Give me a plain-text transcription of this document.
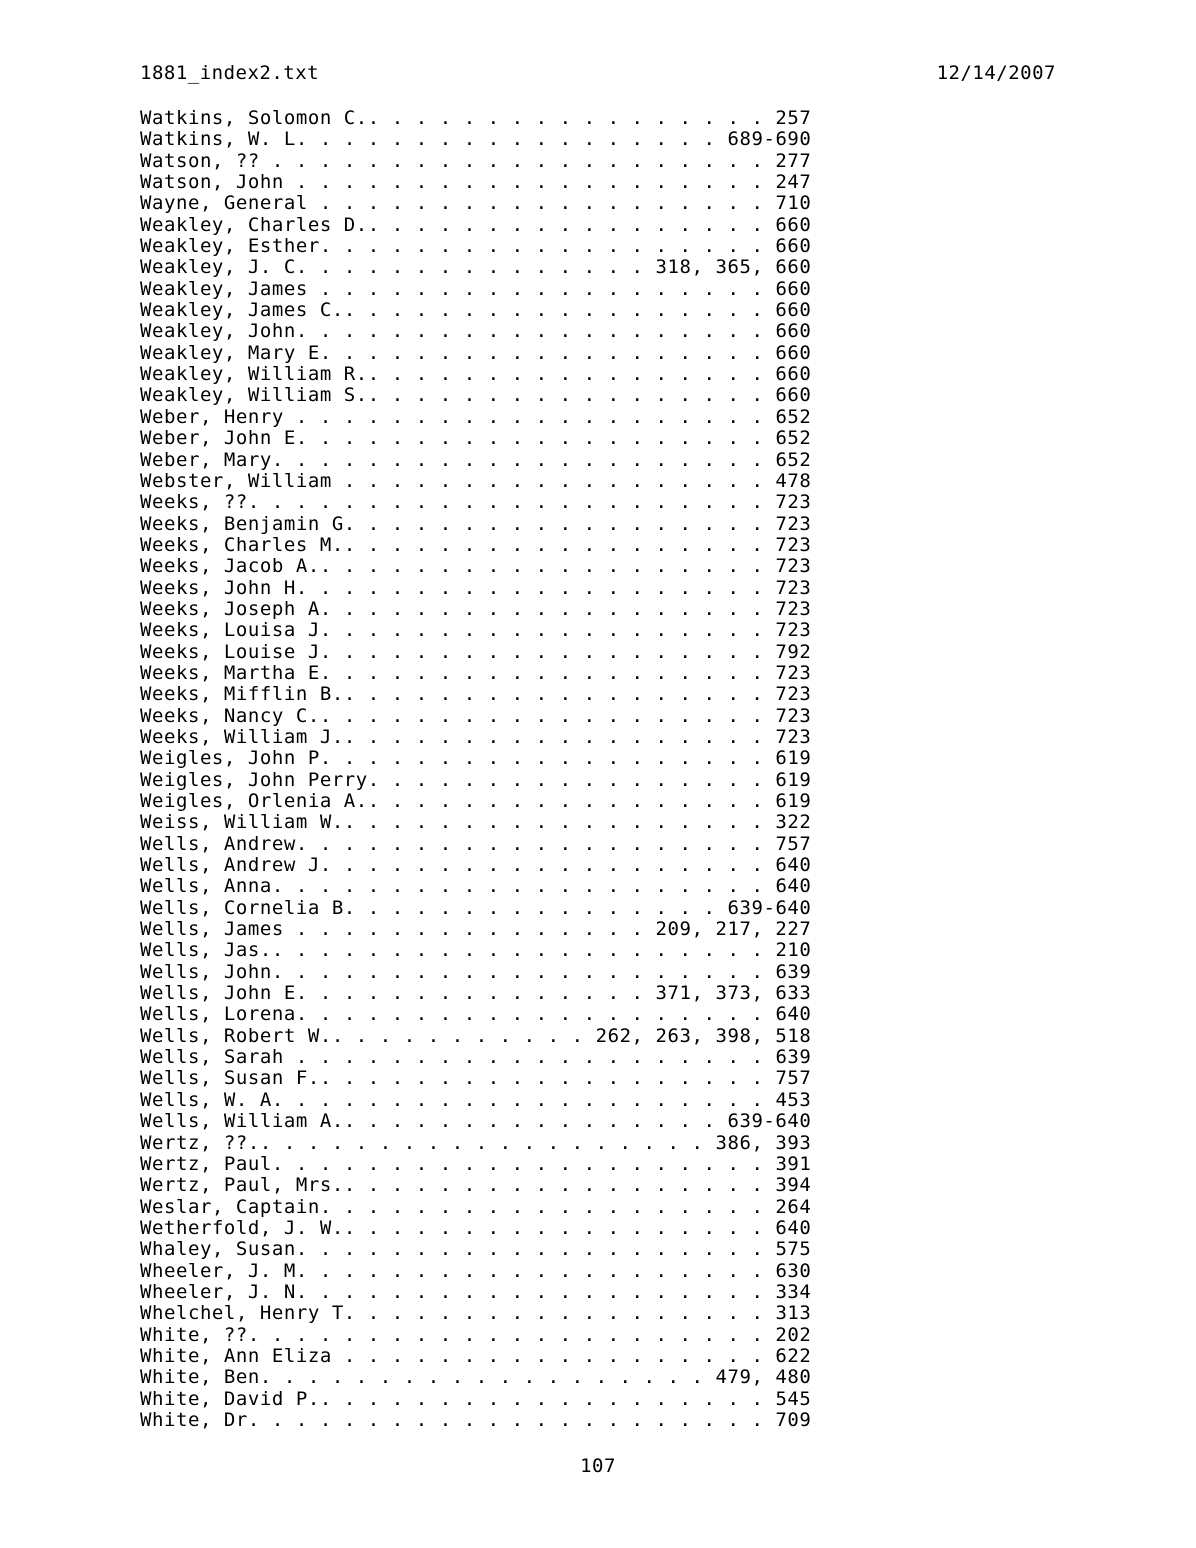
1881_index2.txt	12/14/2007
Watkins, Solomon C.. . . . . . . . . . . . . . . . . 257
Watkins, W. L. . . . . . . . . . . . . . . . . . 689-690
Watson, ?? . . . . . . . . . . . . . . . . . . . . . 277
Watson, John . . . . . . . . . . . . . . . . . . . . 247
Wayne, General . . . . . . . . . . . . . . . . . . . 710
Weakley, Charles D.. . . . . . . . . . . . . . . . . 660
Weakley, Esther. . . . . . . . . . . . . . . . . . . 660
Weakley, J. C. . . . . . . . . . . . . . . 318, 365, 660
Weakley, James . . . . . . . . . . . . . . . . . . . 660
Weakley, James C.. . . . . . . . . . . . . . . . . . 660
Weakley, John. . . . . . . . . . . . . . . . . . . . 660
Weakley, Mary E. . . . . . . . . . . . . . . . . . . 660
Weakley, William R.. . . . . . . . . . . . . . . . . 660
Weakley, William S.. . . . . . . . . . . . . . . . . 660
Weber, Henry . . . . . . . . . . . . . . . . . . . . 652
Weber, John E. . . . . . . . . . . . . . . . . . . . 652
Weber, Mary. . . . . . . . . . . . . . . . . . . . . 652
Webster, William . . . . . . . . . . . . . . . . . . 478
Weeks, ??. . . . . . . . . . . . . . . . . . . . . . 723
Weeks, Benjamin G. . . . . . . . . . . . . . . . . . 723
Weeks, Charles M.. . . . . . . . . . . . . . . . . . 723
Weeks, Jacob A.. . . . . . . . . . . . . . . . . . . 723
Weeks, John H. . . . . . . . . . . . . . . . . . . . 723
Weeks, Joseph A. . . . . . . . . . . . . . . . . . . 723
Weeks, Louisa J. . . . . . . . . . . . . . . . . . . 723
Weeks, Louise J. . . . . . . . . . . . . . . . . . . 792
Weeks, Martha E. . . . . . . . . . . . . . . . . . . 723
Weeks, Mifflin B.. . . . . . . . . . . . . . . . . . 723
Weeks, Nancy C.. . . . . . . . . . . . . . . . . . . 723
Weeks, William J.. . . . . . . . . . . . . . . . . . 723
Weigles, John P. . . . . . . . . . . . . . . . . . . 619
Weigles, John Perry. . . . . . . . . . . . . . . . . 619
Weigles, Orlenia A.. . . . . . . . . . . . . . . . . 619
Weiss, William W.. . . . . . . . . . . . . . . . . . 322
Wells, Andrew. . . . . . . . . . . . . . . . . . . . 757
Wells, Andrew J. . . . . . . . . . . . . . . . . . . 640
Wells, Anna. . . . . . . . . . . . . . . . . . . . . 640
Wells, Cornelia B. . . . . . . . . . . . . . . . 639-640
Wells, James . . . . . . . . . . . . . . . 209, 217, 227
Wells, Jas.. . . . . . . . . . . . . . . . . . . . . 210
Wells, John. . . . . . . . . . . . . . . . . . . . . 639
Wells, John E. . . . . . . . . . . . . . . 371, 373, 633
Wells, Lorena. . . . . . . . . . . . . . . . . . . . 640
Wells, Robert W.. . . . . . . . . . . 262, 263, 398, 518
Wells, Sarah . . . . . . . . . . . . . . . . . . . . 639
Wells, Susan F.. . . . . . . . . . . . . . . . . . . 757
Wells, W. A. . . . . . . . . . . . . . . . . . . . . 453
Wells, William A.. . . . . . . . . . . . . . . . 639-640
Wertz, ??.. . . . . . . . . . . . . . . . . . . 386, 393
Wertz, Paul. . . . . . . . . . . . . . . . . . . . . 391
Wertz, Paul, Mrs.. . . . . . . . . . . . . . . . . . 394
Weslar, Captain. . . . . . . . . . . . . . . . . . . 264
Wetherfold, J. W.. . . . . . . . . . . . . . . . . . 640
Whaley, Susan. . . . . . . . . . . . . . . . . . . . 575
Wheeler, J. M. . . . . . . . . . . . . . . . . . . . 630
Wheeler, J. N. . . . . . . . . . . . . . . . . . . . 334
Whelchel, Henry T. . . . . . . . . . . . . . . . . . 313
White, ??. . . . . . . . . . . . . . . . . . . . . . 202
White, Ann Eliza . . . . . . . . . . . . . . . . . . 622
White, Ben. . . . . . . . . . . . . . . . . . . 479, 480
White, David P.. . . . . . . . . . . . . . . . . . . 545
White, Dr. . . . . . . . . . . . . . . . . . . . . . 709
107
